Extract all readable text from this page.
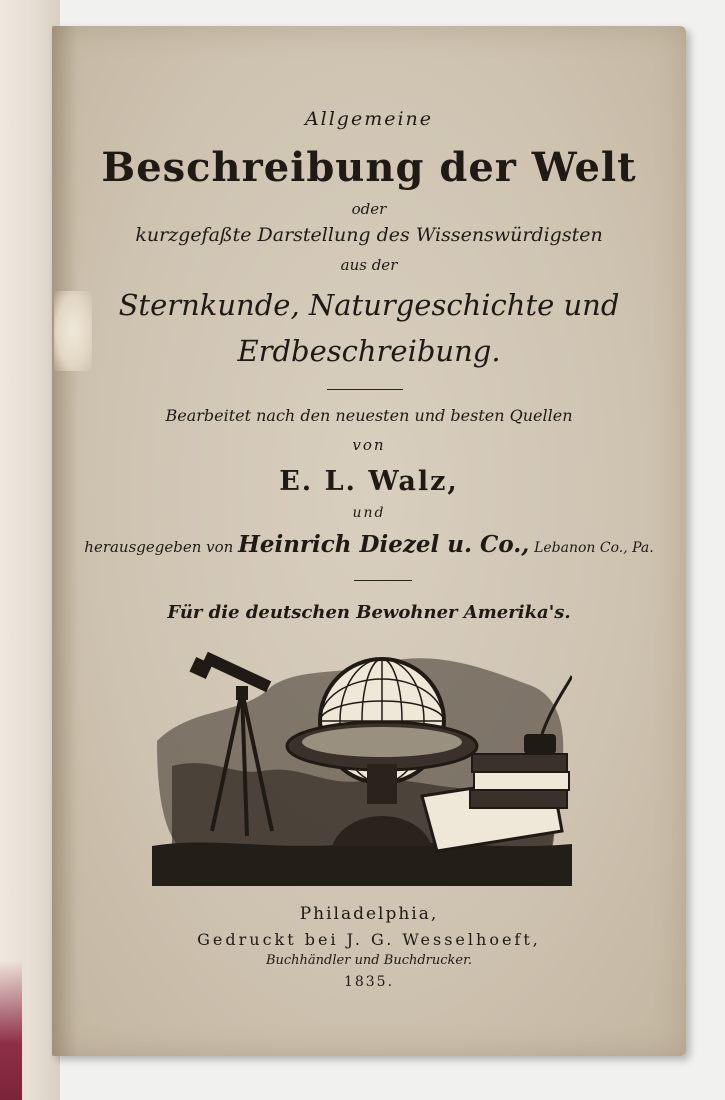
Allgemeine
Beschreibung der Welt
oder
kurzgefaßte Darstellung des Wissenswürdigsten
aus der
Sternkunde, Naturgeschichte und
Erdbeschreibung.
Bearbeitet nach den neuesten und besten Quellen
von
E. L. Walz,
und
herausgegeben von Heinrich Diezel u. Co., Lebanon Co., Pa.
Für die deutschen Bewohner Amerika's.
Philadelphia,
Gedruckt bei J. G. Wesselhoeft,
Buchhändler und Buchdrucker.
1835.
